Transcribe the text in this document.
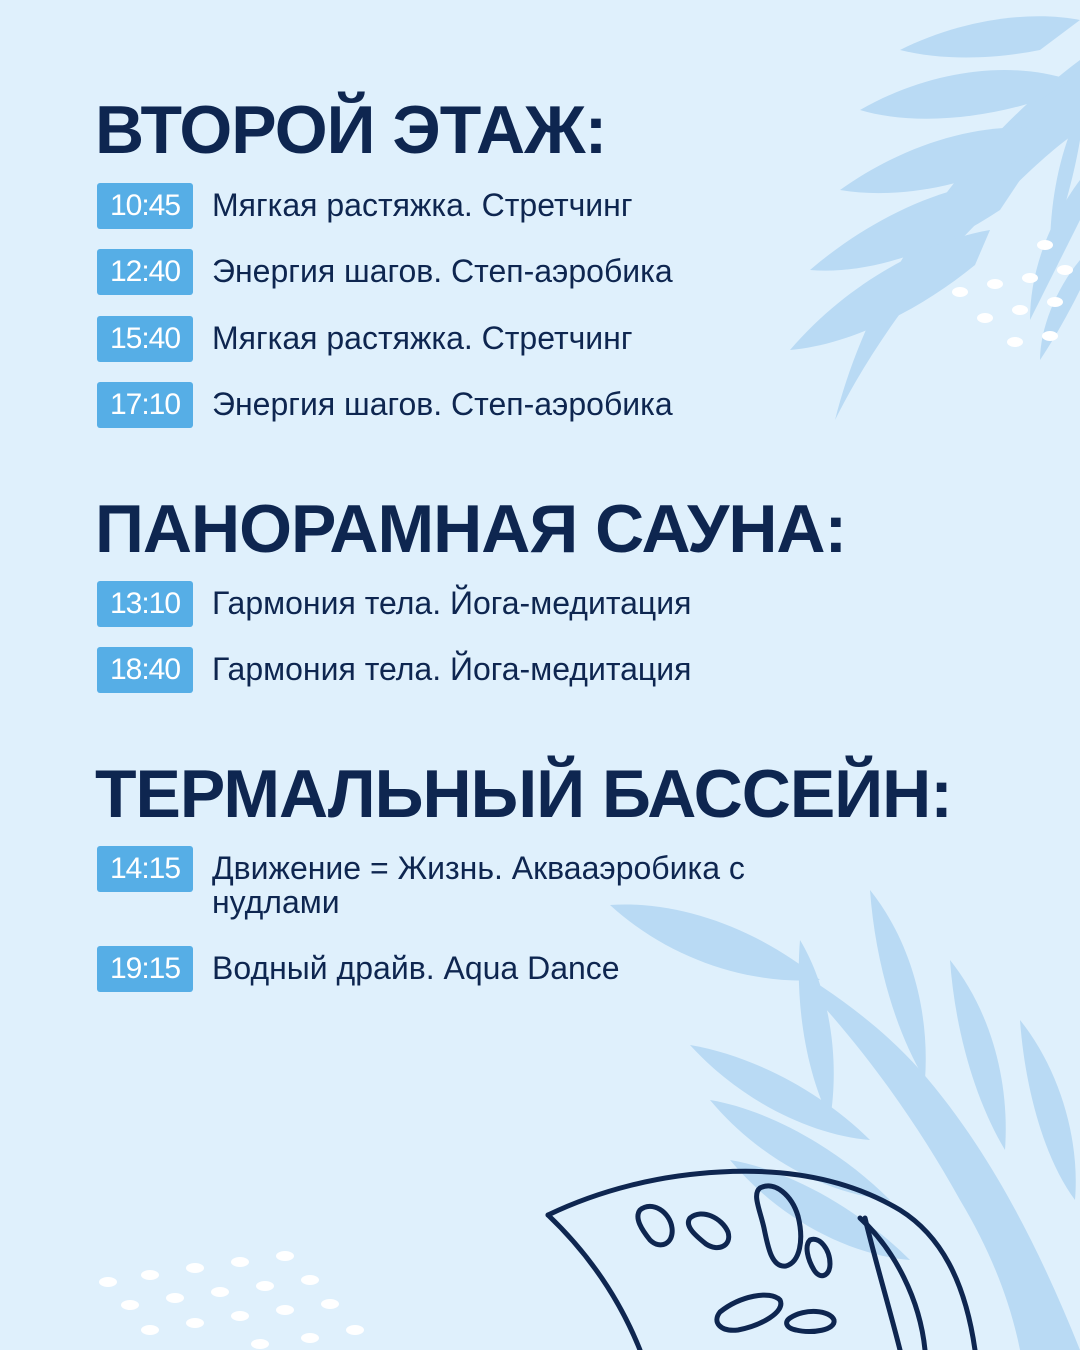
ВТОРОЙ ЭТАЖ:
10:45 Мягкая растяжка. Стретчинг
12:40 Энергия шагов. Степ-аэробика
15:40 Мягкая растяжка. Стретчинг
17:10 Энергия шагов. Степ-аэробика
ПАНОРАМНАЯ САУНА:
13:10 Гармония тела. Йога-медитация
18:40 Гармония тела. Йога-медитация
ТЕРМАЛЬНЫЙ БАССЕЙН:
14:15 Движение = Жизнь. Аквааэробика с нудлами
19:15 Водный драйв. Aqua Dance
